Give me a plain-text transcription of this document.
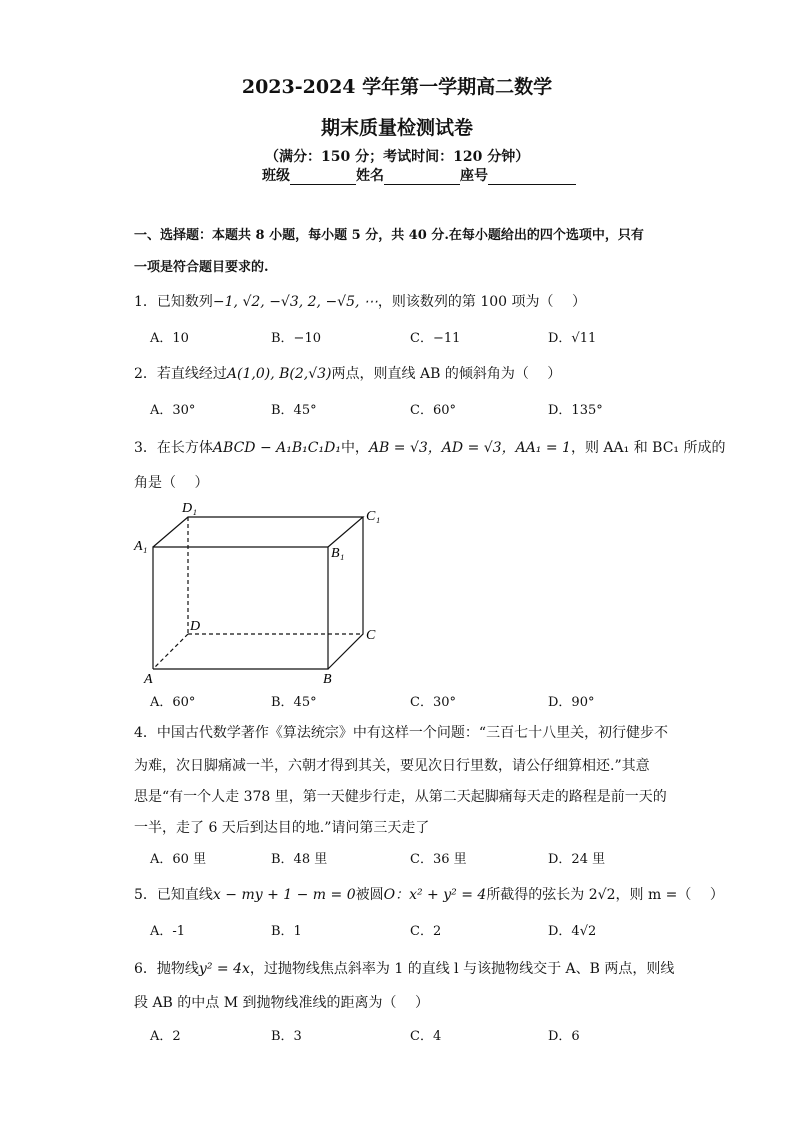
2023-2024 学年第一学期高二数学
期末质量检测试卷
（满分：150 分；考试时间：120 分钟）
班级	姓名	座号
一、选择题：本题共 8 小题，每小题 5 分，共 40 分.在每小题给出的四个选项中，只有
一项是符合题目要求的.
1．已知数列−1, √2, −√3, 2, −√5, ⋯，则该数列的第 100 项为（　 ）
A．10	B．−10	C．−11	D．√11
2．若直线经过A(1,0), B(2,√3)两点，则直线 AB 的倾斜角为（　 ）
A．30°	B．45°	C．60°	D．135°
3．在长方体ABCD − A₁B₁C₁D₁中，AB = √3，AD = √3，AA₁ = 1，则 AA₁ 和 BC₁ 所成的
角是（　 ）
A₁
D₁
C₁
B₁
D
C
A	B
A．60°	B．45°	C．30°	D．90°
4．中国古代数学著作《算法统宗》中有这样一个问题：“三百七十八里关，初行健步不
为难，次日脚痛减一半，六朝才得到其关，要见次日行里数，请公仔细算相还.”其意
思是“有一个人走 378 里，第一天健步行走，从第二天起脚痛每天走的路程是前一天的
一半，走了 6 天后到达目的地.”请问第三天走了
A．60 里	B．48 里	C．36 里	D．24 里
5．已知直线x − my + 1 − m = 0被圆O：x² + y² = 4所截得的弦长为 2√2，则 m =（　 ）
A．-1	B．1	C．2	D．4√2
6．抛物线y² = 4x，过抛物线焦点斜率为 1 的直线 l 与该抛物线交于 A、B 两点，则线
段 AB 的中点 M 到抛物线准线的距离为（　 ）
A．2	B．3	C．4	D．6
